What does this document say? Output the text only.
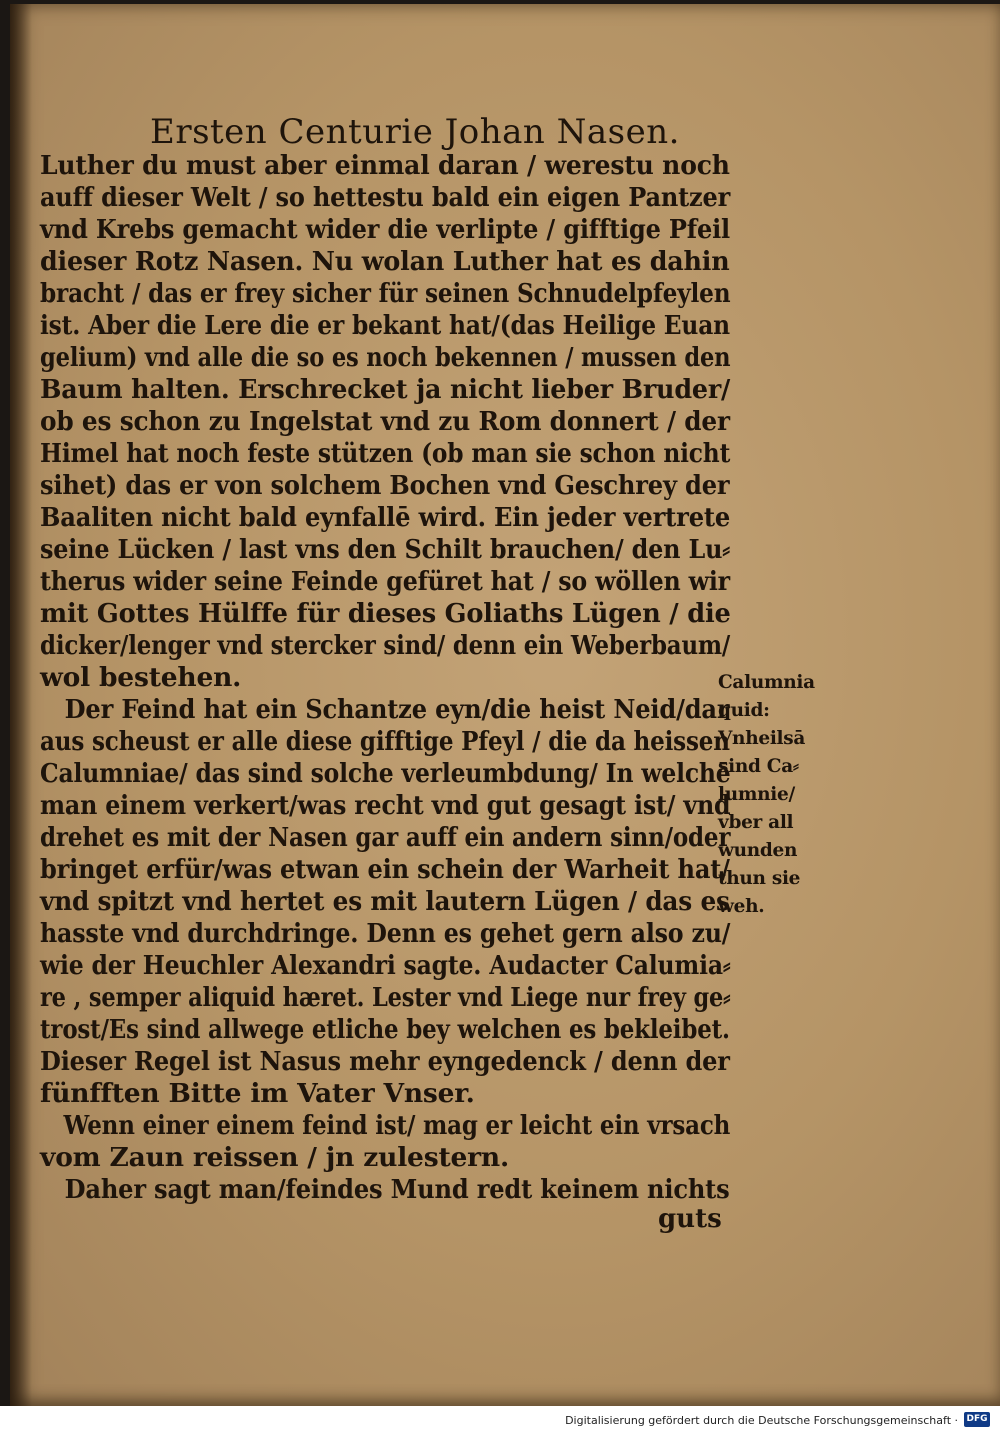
Ersten Centurie Johan Nasen.
Luther du must aber einmal daran / werestu noch
auff dieser Welt / so hettestu bald ein eigen Pantzer
vnd Krebs gemacht wider die verlipte / gifftige Pfeil
dieser Rotz Nasen. Nu wolan Luther hat es dahin
bracht / das er frey sicher für seinen Schnudelpfeylen
ist. Aber die Lere die er bekant hat/(das Heilige Euan
gelium) vnd alle die so es noch bekennen / mussen den
Baum halten. Erschrecket ja nicht lieber Bruder/
ob es schon zu Ingelstat vnd zu Rom donnert / der
Himel hat noch feste stützen (ob man sie schon nicht
sihet) das er von solchem Bochen vnd Geschrey der
Baaliten nicht bald eynfallē wird. Ein jeder vertrete
seine Lücken / last vns den Schilt brauchen/ den Lu⸗
therus wider seine Feinde gefüret hat / so wöllen wir
mit Gottes Hülffe für dieses Goliaths Lügen / die
dicker/lenger vnd stercker sind/ denn ein Weberbaum/
wol bestehen.
Der Feind hat ein Schantze eyn/die heist Neid/dar
aus scheust er alle diese gifftige Pfeyl / die da heissen
Calumniae/ das sind solche verleumbdung/ In welchē
man einem verkert/was recht vnd gut gesagt ist/ vnd
drehet es mit der Nasen gar auff ein andern sinn/oder
bringet erfür/was etwan ein schein der Warheit hat/
vnd spitzt vnd hertet es mit lautern Lügen / das es
hasste vnd durchdringe. Denn es gehet gern also zu/
wie der Heuchler Alexandri sagte. Audacter Calumia⸗
re , semper aliquid hæret. Lester vnd Liege nur frey ge⸗
trost/Es sind allwege etliche bey welchen es bekleibet.
Dieser Regel ist Nasus mehr eyngedenck / denn der
fünfften Bitte im Vater Vnser.
Wenn einer einem feind ist/ mag er leicht ein vrsach
vom Zaun reissen / jn zulestern.
Daher sagt man/feindes Mund redt keinem nichts
Calumnia
quid:
Vnheilsā
sind Ca⸗
lumnie/
vber all
wunden
thun sie
weh.
guts
Digitalisierung gefördert durch die Deutsche Forschungsgemeinschaft · DFG
